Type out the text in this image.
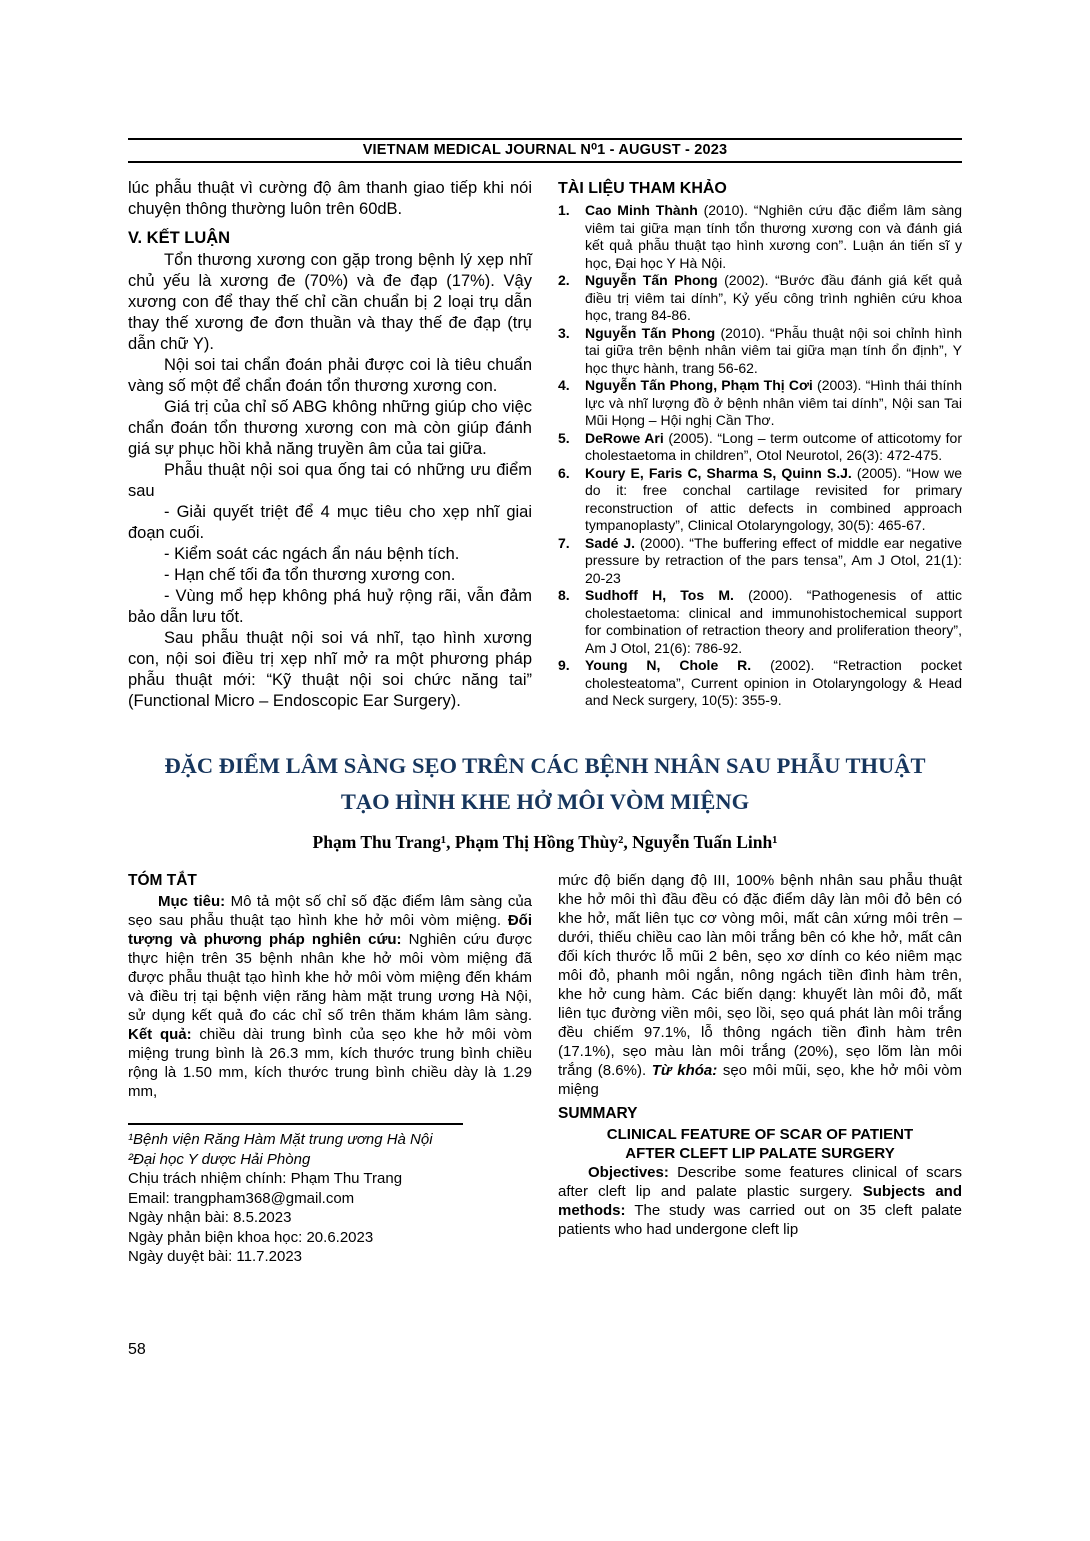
VIETNAM MEDICAL JOURNAL N⁰1 - AUGUST - 2023

lúc phẫu thuật vì cường độ âm thanh giao tiếp khi nói chuyện thông thường luôn trên 60dB.

V. KẾT LUẬN

Tổn thương xương con gặp trong bệnh lý xẹp nhĩ chủ yếu là xương đe (70%) và đe đạp (17%). Vậy xương con để thay thế chỉ cần chuẩn bị 2 loại trụ dẫn thay thế xương đe đơn thuần và thay thế đe đạp (trụ dẫn chữ Y).

Nội soi tai chẩn đoán phải được coi là tiêu chuẩn vàng số một để chẩn đoán tổn thương xương con.

Giá trị của chỉ số ABG không những giúp cho việc chẩn đoán tổn thương xương con mà còn giúp đánh giá sự phục hồi khả năng truyền âm của tai giữa.

Phẫu thuật nội soi qua ống tai có những ưu điểm sau

- Giải quyết triệt để 4 mục tiêu cho xẹp nhĩ giai đoạn cuối.

- Kiểm soát các ngách ẩn náu bệnh tích.

- Hạn chế tối đa tổn thương xương con.

- Vùng mổ hẹp không phá huỷ rộng rãi, vẫn đảm bảo dẫn lưu tốt.

Sau phẫu thuật nội soi vá nhĩ, tạo hình xương con, nội soi điều trị xẹp nhĩ mở ra một phương pháp phẫu thuật mới: “Kỹ thuật nội soi chức năng tai” (Functional Micro – Endoscopic Ear Surgery).

TÀI LIỆU THAM KHẢO
1. Cao Minh Thành (2010). “Nghiên cứu đặc điểm lâm sàng viêm tai giữa mạn tính tổn thương xương con và đánh giá kết quả phẫu thuật tạo hình xương con”. Luận án tiến sĩ y học, Đại học Y Hà Nội.
2. Nguyễn Tấn Phong (2002). “Bước đầu đánh giá kết quả điều trị viêm tai dính”, Kỷ yếu công trình nghiên cứu khoa học, trang 84-86.
3. Nguyễn Tấn Phong (2010). “Phẫu thuật nội soi chỉnh hình tai giữa trên bệnh nhân viêm tai giữa mạn tính ổn định”, Y học thực hành, trang 56-62.
4. Nguyễn Tấn Phong, Phạm Thị Cơi (2003). “Hình thái thính lực và nhĩ lượng đồ ở bệnh nhân viêm tai dính”, Nội san Tai Mũi Họng – Hội nghị Cần Thơ.
5. DeRowe Ari (2005). “Long – term outcome of atticotomy for cholestaetoma in children”, Otol Neurotol, 26(3): 472-475.
6. Koury E, Faris C, Sharma S, Quinn S.J. (2005). “How we do it: free conchal cartilage revisited for primary reconstruction of attic defects in combined approach tympanoplasty”, Clinical Otolaryngology, 30(5): 465-67.
7. Sadé J. (2000). “The buffering effect of middle ear negative pressure by retraction of the pars tensa”, Am J Otol, 21(1): 20-23
8. Sudhoff H, Tos M. (2000). “Pathogenesis of attic cholestaetoma: clinical and immunohistochemical support for combination of retraction theory and proliferation theory”, Am J Otol, 21(6): 786-92.
9. Young N, Chole R. (2002). “Retraction pocket cholesteatoma”, Current opinion in Otolaryngology & Head and Neck surgery, 10(5): 355-9.
ĐẶC ĐIỂM LÂM SÀNG SẸO TRÊN CÁC BỆNH NHÂN SAU PHẪU THUẬT
TẠO HÌNH KHE HỞ MÔI VÒM MIỆNG
Phạm Thu Trang¹, Phạm Thị Hồng Thùy², Nguyễn Tuấn Linh¹
TÓM TẮT

Mục tiêu: Mô tả một số chỉ số đặc điểm lâm sàng của sẹo sau phẫu thuật tạo hình khe hở môi vòm miệng. Đối tượng và phương pháp nghiên cứu: Nghiên cứu được thực hiện trên 35 bệnh nhân khe hở môi vòm miệng đã được phẫu thuật tạo hình khe hở môi vòm miệng đến khám và điều trị tại bệnh viện răng hàm mặt trung ương Hà Nội, sử dụng kết quả đo các chỉ số trên thăm khám lâm sàng. Kết quả: chiều dài trung bình của sẹo khe hở môi vòm miệng trung bình là 26.3 mm, kích thước trung bình chiều rộng là 1.50 mm, kích thước trung bình chiều dày là 1.29 mm,

¹Bệnh viện Răng Hàm Mặt trung ương Hà Nội
²Đại học Y dược Hải Phòng
Chịu trách nhiệm chính: Phạm Thu Trang
Email: trangpham368@gmail.com
Ngày nhận bài: 8.5.2023
Ngày phản biện khoa học: 20.6.2023
Ngày duyệt bài: 11.7.2023

mức độ biến dạng độ III, 100% bệnh nhân sau phẫu thuật khe hở môi thì đầu đều có đặc điểm dây làn môi đỏ bên có khe hở, mất liên tục cơ vòng môi, mất cân xứng môi trên – dưới, thiếu chiều cao làn môi trắng bên có khe hở, mất cân đối kích thước lỗ mũi 2 bên, sẹo xơ dính co kéo niêm mạc môi đỏ, phanh môi ngắn, nông ngách tiền đình hàm trên, khe hở cung hàm. Các biến dạng: khuyết làn môi đỏ, mất liên tục đường viền môi, sẹo lồi, sẹo quá phát làn môi trắng đều chiếm 97.1%, lỗ thông ngách tiền đình hàm trên (17.1%), sẹo màu làn môi trắng (20%), sẹo lõm làn môi trắng (8.6%). Từ khóa: sẹo môi mũi, sẹo, khe hở môi vòm miệng

SUMMARY
CLINICAL FEATURE OF SCAR OF PATIENT
AFTER CLEFT LIP PALATE SURGERY

Objectives: Describe some features clinical of scars after cleft lip and palate plastic surgery. Subjects and methods: The study was carried out on 35 cleft palate patients who had undergone cleft lip

58
